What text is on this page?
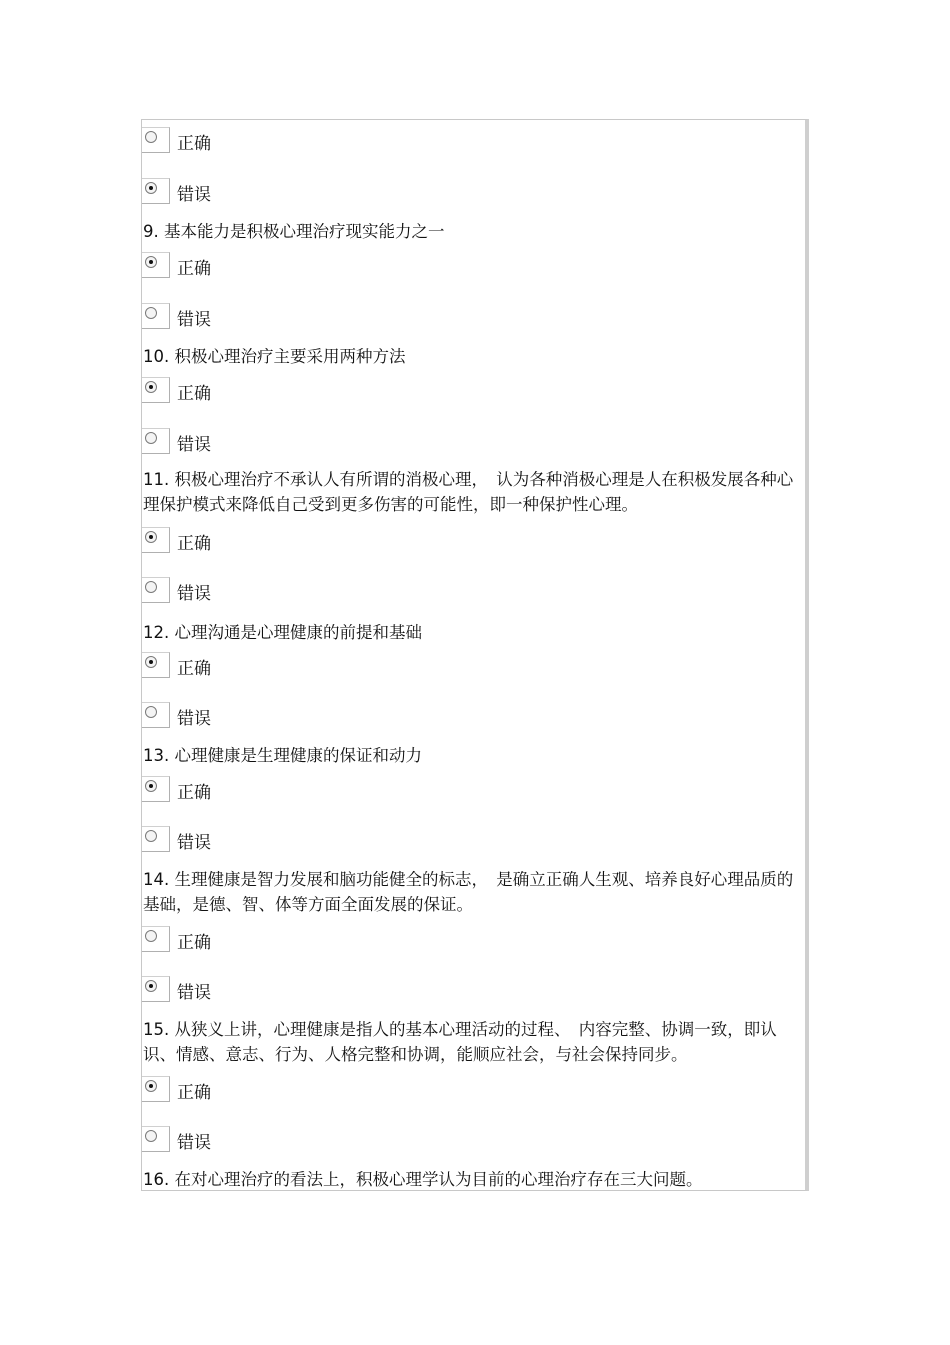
正确
错误
9. 基本能力是积极心理治疗现实能力之一
正确
错误
10. 积极心理治疗主要采用两种方法
正确
错误
11. 积极心理治疗不承认人有所谓的消极心理，　认为各种消极心理是人在积极发展各种心理保护模式来降低自己受到更多伤害的可能性，即一种保护性心理。
正确
错误
12. 心理沟通是心理健康的前提和基础
正确
错误
13. 心理健康是生理健康的保证和动力
正确
错误
14. 生理健康是智力发展和脑功能健全的标志，　是确立正确人生观、培养良好心理品质的基础，是德、智、体等方面全面发展的保证。
正确
错误
15. 从狭义上讲，心理健康是指人的基本心理活动的过程、　内容完整、协调一致，即认识、情感、意志、行为、人格完整和协调，能顺应社会，与社会保持同步。
正确
错误
16. 在对心理治疗的看法上，积极心理学认为目前的心理治疗存在三大问题。
